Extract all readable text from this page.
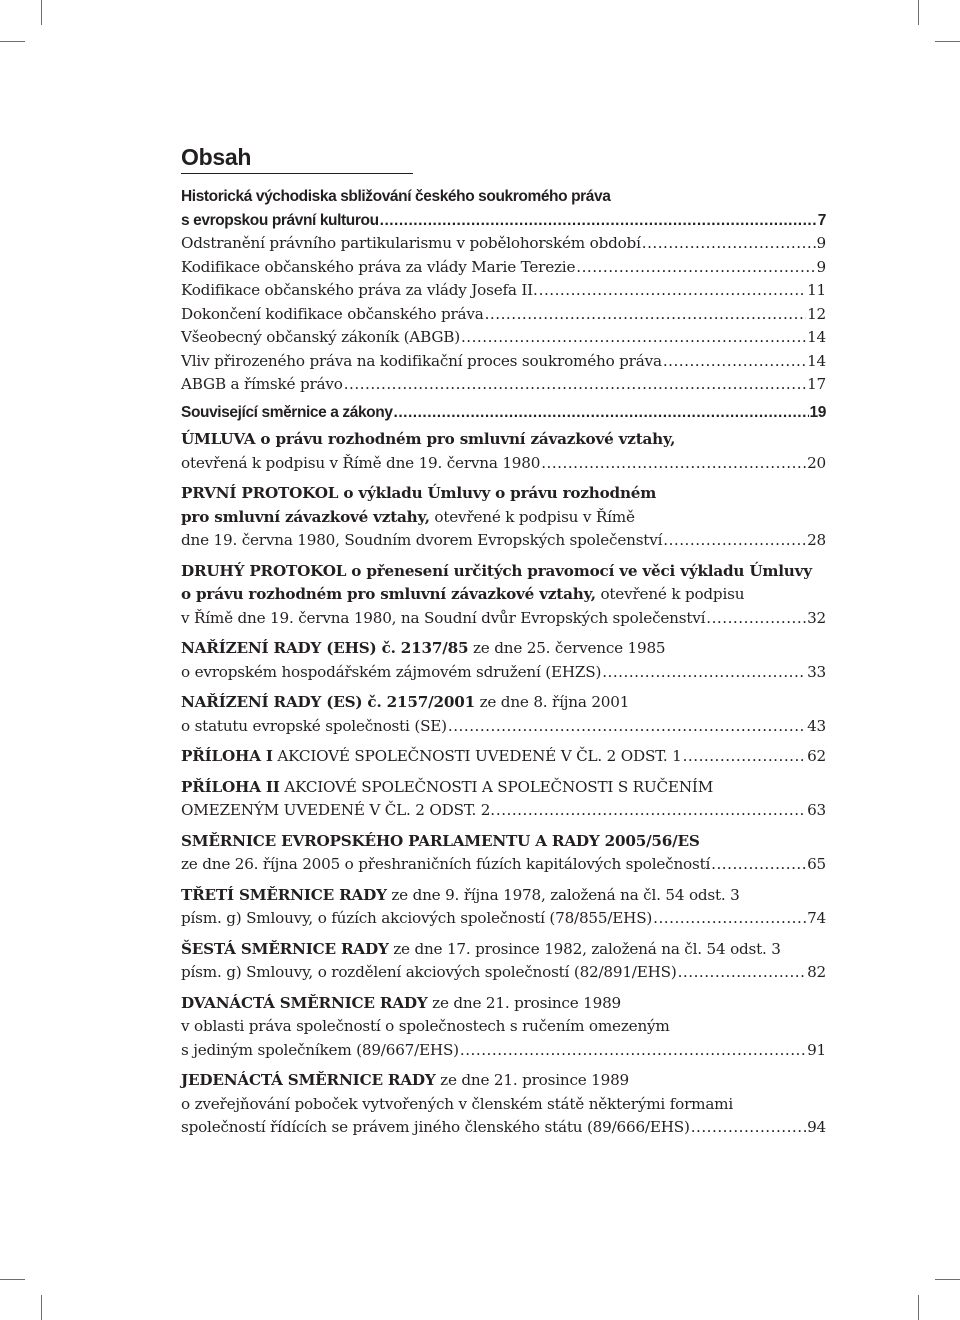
Obsah
Historická východiska sbližování českého soukromého práva
s evropskou právní kulturou .....	7
Odstranění právního partikularismu v pobělohorském období .....	9
Kodifikace občanského práva za vlády Marie Terezie .....	9
Kodifikace občanského práva za vlády Josefa II. .....	11
Dokončení kodifikace občanského práva .....	12
Všeobecný občanský zákoník (ABGB) .....	14
Vliv přirozeného práva na kodifikační proces soukromého práva .....	14
ABGB a římské právo .....	17
Související směrnice a zákony .....	19
ÚMLUVA o právu rozhodném pro smluvní závazkové vztahy,
otevřená k podpisu v Římě dne 19. června 1980 .....	20
PRVNÍ PROTOKOL o výkladu Úmluvy o právu rozhodném
pro smluvní závazkové vztahy, otevřené k podpisu v Římě
dne 19. června 1980, Soudním dvorem Evropských společenství .....	28
DRUHÝ PROTOKOL o přenesení určitých pravomocí ve věci výkladu Úmluvy
o právu rozhodném pro smluvní závazkové vztahy, otevřené k podpisu
v Římě dne 19. června 1980, na Soudní dvůr Evropských společenství .....	32
NAŘÍZENÍ RADY (EHS) č. 2137/85 ze dne 25. července 1985
o evropském hospodářském zájmovém sdružení (EHZS) .....	33
NAŘÍZENÍ RADY (ES) č. 2157/2001 ze dne 8. října 2001
o statutu evropské společnosti (SE) .....	43
PŘÍLOHA I AKCIOVÉ SPOLEČNOSTI UVEDENÉ V ČL. 2 ODST. 1 .....	62
PŘÍLOHA II AKCIOVÉ SPOLEČNOSTI A SPOLEČNOSTI S RUČENÍM
OMEZENÝM UVEDENÉ V ČL. 2 ODST. 2. .....	63
SMĚRNICE EVROPSKÉHO PARLAMENTU A RADY 2005/56/ES
ze dne 26. října 2005 o přeshraničních fúzích kapitálových společností .....	65
TŘETÍ SMĚRNICE RADY ze dne 9. října 1978, založená na čl. 54 odst. 3
písm. g) Smlouvy, o fúzích akciových společností (78/855/EHS) .....	74
ŠESTÁ SMĚRNICE RADY ze dne 17. prosince 1982, založená na čl. 54 odst. 3
písm. g) Smlouvy, o rozdělení akciových společností (82/891/EHS) .....	82
DVANÁCTÁ SMĚRNICE RADY ze dne 21. prosince 1989
v oblasti práva společností o společnostech s ručením omezeným
s jediným společníkem (89/667/EHS) .....	91
JEDENÁCTÁ SMĚRNICE RADY ze dne 21. prosince 1989
o zveřejňování poboček vytvořených v členském státě některými formami
společností řídících se právem jiného členského státu (89/666/EHS) .....	94
